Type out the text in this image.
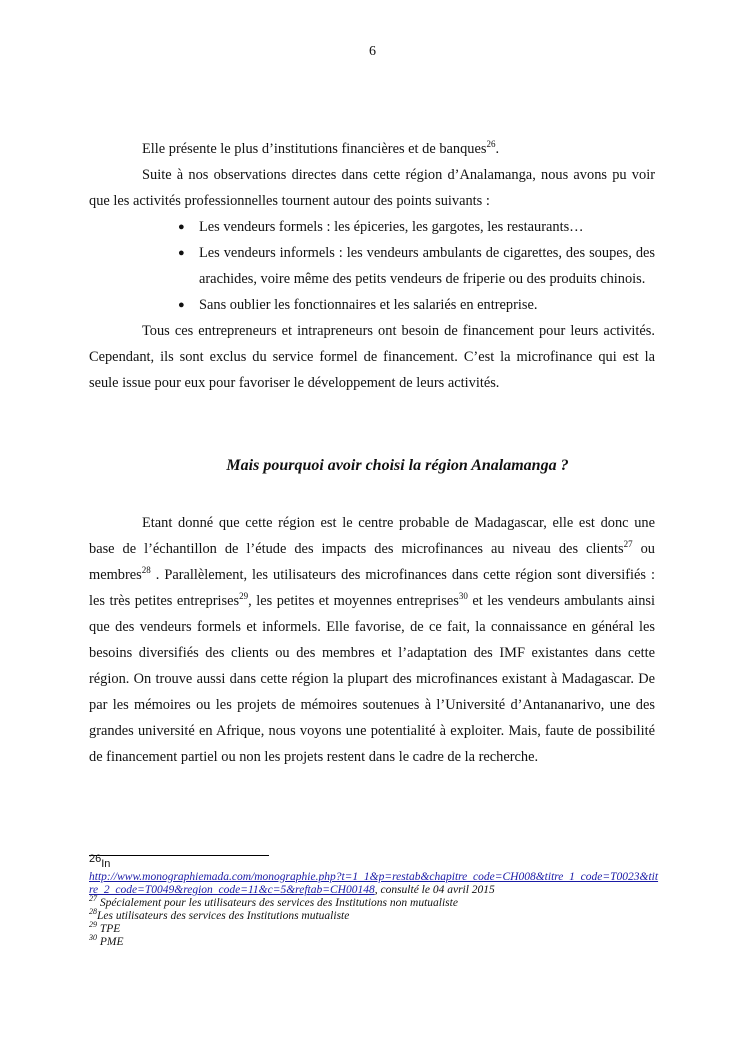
6

Elle présente le plus d’institutions financières et de banques$^{26}$.

Suite à nos observations directes dans cette région d’Analamanga, nous avons pu voir que les activités professionnelles tournent autour des points suivants :

● Les vendeurs formels : les épiceries, les gargotes, les restaurants…
● Les vendeurs informels : les vendeurs ambulants de cigarettes, des soupes, des arachides, voire même des petits vendeurs de friperie ou des produits chinois.
● Sans oublier les fonctionnaires et les salariés en entreprise.

Tous ces entrepreneurs et intrapreneurs ont besoin de financement pour leurs activités. Cependant, ils sont exclus du service formel de financement. C’est la microfinance qui est la seule issue pour eux pour favoriser le développement de leurs activités.

Mais pourquoi avoir choisi la région Analamanga ?

Etant donné que cette région est le centre probable de Madagascar, elle est donc une base de l’échantillon de l’étude des impacts des microfinances au niveau des clients$^{27}$ ou membres$^{28}$ . Parallèlement, les utilisateurs des microfinances dans cette région sont diversifiés : les très petites entreprises$^{29}$, les petites et moyennes entreprises$^{30}$ et les vendeurs ambulants ainsi que des vendeurs formels et informels. Elle favorise, de ce fait, la connaissance en général les besoins diversifiés des clients ou des membres et l’adaptation des IMF existantes dans cette région. On trouve aussi dans cette région la plupart des microfinances existant à Madagascar. De par les mémoires ou les projets de mémoires soutenues à l’Université d’Antananarivo, une des grandes université en Afrique, nous voyons une potentialité à exploiter. Mais, faute de possibilité de financement partiel ou non les projets restent dans le cadre de la recherche.

$^{26}$In

http://www.monographiemada.com/monographie.php?t=1_1&p=restab&chapitre_code=CH008&titre_1_code=T0023&titre_2_code=T0049&region_code=11&c=5&reftab=CH00148, consulté le 04 avril 2015

$^{27}$ Spécialement pour les utilisateurs des services des Institutions non mutualiste

$^{28}$Les utilisateurs des services des Institutions mutualiste

$^{29}$ TPE

$^{30}$ PME
